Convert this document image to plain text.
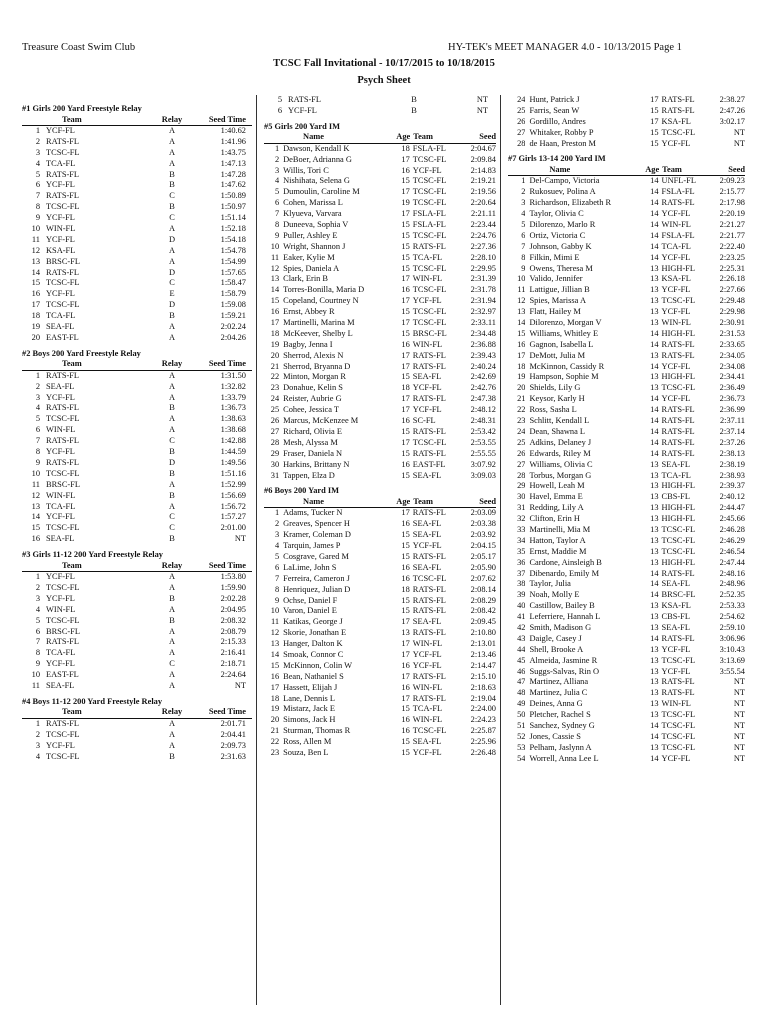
Treasure Coast Swim Club	HY-TEK's MEET MANAGER 4.0 - 10/13/2015 Page 1
TCSC Fall Invitational - 10/17/2015 to 10/18/2015
Psych Sheet
#1 Girls 200 Yard Freestyle Relay
Team	Relay	Seed Time
1 YCF-FL	A	1:40.62
2 RATS-FL	A	1:41.96
3 TCSC-FL	A	1:43.75
4 TCA-FL	A	1:47.13
5 RATS-FL	B	1:47.28
6 YCF-FL	B	1:47.62
7 RATS-FL	C	1:50.89
8 TCSC-FL	B	1:50.97
9 YCF-FL	C	1:51.14
10 WIN-FL	A	1:52.18
11 YCF-FL	D	1:54.18
12 KSA-FL	A	1:54.78
13 BRSC-FL	A	1:54.99
14 RATS-FL	D	1:57.65
15 TCSC-FL	C	1:58.47
16 YCF-FL	E	1:58.79
17 TCSC-FL	D	1:59.08
18 TCA-FL	B	1:59.21
19 SEA-FL	A	2:02.24
20 EAST-FL	A	2:04.26
#2 Boys 200 Yard Freestyle Relay
Team	Relay	Seed Time
1 RATS-FL	A	1:31.50
2 SEA-FL	A	1:32.82
3 YCF-FL	A	1:33.79
4 RATS-FL	B	1:36.73
5 TCSC-FL	A	1:38.63
6 WIN-FL	A	1:38.68
7 RATS-FL	C	1:42.88
8 YCF-FL	B	1:44.59
9 RATS-FL	D	1:49.56
10 TCSC-FL	B	1:51.16
11 BRSC-FL	A	1:52.99
12 WIN-FL	B	1:56.69
13 TCA-FL	A	1:56.72
14 YCF-FL	C	1:57.27
15 TCSC-FL	C	2:01.00
16 SEA-FL	B	NT
#3 Girls 11-12 200 Yard Freestyle Relay
Team	Relay	Seed Time
1 YCF-FL	A	1:53.80
2 TCSC-FL	A	1:59.90
3 YCF-FL	B	2:02.28
4 WIN-FL	A	2:04.95
5 TCSC-FL	B	2:08.32
6 BRSC-FL	A	2:08.79
7 RATS-FL	A	2:15.33
8 TCA-FL	A	2:16.41
9 YCF-FL	C	2:18.71
10 EAST-FL	A	2:24.64
11 SEA-FL	A	NT
#4 Boys 11-12 200 Yard Freestyle Relay
Team	Relay	Seed Time
1 RATS-FL	A	2:01.71
2 TCSC-FL	A	2:04.41
3 YCF-FL	A	2:09.73
4 TCSC-FL	B	2:31.63
5 RATS-FL	B	NT
6 YCF-FL	B	NT
#5 Girls 200 Yard IM
Name	Age Team	Seed
1 Dawson, Kendall K	18 FSLA-FL	2:04.67
2 DeBoer, Adrianna G	17 TCSC-FL	2:09.84
3 Willis, Tori C	16 YCF-FL	2:14.83
4 Nishihata, Selena G	15 TCSC-FL	2:19.21
5 Dumoulin, Caroline M	17 TCSC-FL	2:19.56
6 Cohen, Marissa L	19 TCSC-FL	2:20.64
7 Klyueva, Varvara	17 FSLA-FL	2:21.11
8 Duneeva, Sophia V	15 FSLA-FL	2:23.44
9 Puller, Ashley E	15 TCSC-FL	2:24.76
10 Wright, Shannon J	15 RATS-FL	2:27.36
11 Eaker, Kylie M	15 TCA-FL	2:28.10
12 Spies, Daniela A	15 TCSC-FL	2:29.95
13 Clark, Erin B	17 WIN-FL	2:31.39
14 Torres-Bonilla, Maria D	16 TCSC-FL	2:31.78
15 Copeland, Courtney N	17 YCF-FL	2:31.94
16 Ernst, Abbey R	15 TCSC-FL	2:32.97
17 Martinelli, Marina M	17 TCSC-FL	2:33.11
18 McKeever, Shelby L	15 BRSC-FL	2:34.48
19 Bagby, Jenna I	16 WIN-FL	2:36.88
20 Sherrod, Alexis N	17 RATS-FL	2:39.43
21 Sherrod, Bryanna D	17 RATS-FL	2:40.24
22 Minton, Morgan R	15 SEA-FL	2:42.69
23 Donahue, Kelin S	18 YCF-FL	2:42.76
24 Reister, Aubrie G	17 RATS-FL	2:47.38
25 Cohee, Jessica T	17 YCF-FL	2:48.12
26 Marcus, McKenzee M	16 SC-FL	2:48.31
27 Richard, Olivia E	15 RATS-FL	2:53.42
28 Mesh, Alyssa M	17 TCSC-FL	2:53.55
29 Fraser, Daniela N	15 RATS-FL	2:55.55
30 Harkins, Brittany N	16 EAST-FL	3:07.92
31 Tappen, Elza D	15 SEA-FL	3:09.03
#6 Boys 200 Yard IM
Name	Age Team	Seed
1 Adams, Tucker N	17 RATS-FL	2:03.09
2 Greaves, Spencer H	16 SEA-FL	2:03.38
3 Kramer, Coleman D	15 SEA-FL	2:03.92
4 Tarquin, James P	15 YCF-FL	2:04.15
5 Cosgrave, Gared M	15 RATS-FL	2:05.17
6 LaLime, John S	16 SEA-FL	2:05.90
7 Ferreira, Cameron J	16 TCSC-FL	2:07.62
8 Henriquez, Julian D	18 RATS-FL	2:08.14
9 Ochse, Daniel F	15 RATS-FL	2:08.29
10 Varon, Daniel E	15 RATS-FL	2:08.42
11 Katikas, George J	17 SEA-FL	2:09.45
12 Skorie, Jonathan E	13 RATS-FL	2:10.80
13 Hanger, Dalton K	17 WIN-FL	2:13.01
14 Smoak, Connor C	17 YCF-FL	2:13.46
15 McKinnon, Colin W	16 YCF-FL	2:14.47
16 Bean, Nathaniel S	17 RATS-FL	2:15.10
17 Hassett, Elijah J	16 WIN-FL	2:18.63
18 Lane, Dennis L	17 RATS-FL	2:19.04
19 Mistarz, Jack E	15 TCA-FL	2:24.00
20 Simons, Jack H	16 WIN-FL	2:24.23
21 Sturman, Thomas R	16 TCSC-FL	2:25.87
22 Ross, Allen M	15 SEA-FL	2:25.96
23 Souza, Ben L	15 YCF-FL	2:26.48
24 Hunt, Patrick J	17 RATS-FL	2:38.27
25 Farris, Sean W	15 RATS-FL	2:47.26
26 Gordillo, Andres	17 KSA-FL	3:02.17
27 Whitaker, Robby P	15 TCSC-FL	NT
28 de Haan, Preston M	15 YCF-FL	NT
#7 Girls 13-14 200 Yard IM
Name	Age Team	Seed
1 Del-Campo, Victoria	14 UNFL-FL	2:09.23
2 Rukosuev, Polina A	14 FSLA-FL	2:15.77
3 Richardson, Elizabeth R	14 RATS-FL	2:17.98
4 Taylor, Olivia C	14 YCF-FL	2:20.19
5 Dilorenzo, Marlo R	14 WIN-FL	2:21.27
6 Ortiz, Victoria C	14 FSLA-FL	2:21.77
7 Johnson, Gabby K	14 TCA-FL	2:22.40
8 Filkin, Mimi E	14 YCF-FL	2:23.25
9 Owens, Theresa M	13 HIGH-FL	2:25.31
10 Valido, Jennifer	13 KSA-FL	2:26.18
11 Lattigue, Jillian B	13 YCF-FL	2:27.66
12 Spies, Marissa A	13 TCSC-FL	2:29.48
13 Flatt, Hailey M	13 YCF-FL	2:29.98
14 Dilorenzo, Morgan V	13 WIN-FL	2:30.91
15 Williams, Whitley E	14 HIGH-FL	2:31.53
16 Gagnon, Isabella L	14 RATS-FL	2:33.65
17 DeMott, Julia M	13 RATS-FL	2:34.05
18 McKinnon, Cassidy R	14 YCF-FL	2:34.08
19 Hampson, Sophie M	13 HIGH-FL	2:34.41
20 Shields, Lily G	13 TCSC-FL	2:36.49
21 Keysor, Karly H	14 YCF-FL	2:36.73
22 Ross, Sasha L	14 RATS-FL	2:36.99
23 Schlitt, Kendall L	14 RATS-FL	2:37.11
24 Dean, Shawna L	14 RATS-FL	2:37.14
25 Adkins, Delaney J	14 RATS-FL	2:37.26
26 Edwards, Riley M	14 RATS-FL	2:38.13
27 Williams, Olivia C	13 SEA-FL	2:38.19
28 Torbus, Morgan G	13 TCA-FL	2:38.93
29 Howell, Leah M	13 HIGH-FL	2:39.37
30 Havel, Emma E	13 CBS-FL	2:40.12
31 Redding, Lily A	13 HIGH-FL	2:44.47
32 Clifton, Erin H	13 HIGH-FL	2:45.66
33 Martinelli, Mia M	13 TCSC-FL	2:46.28
34 Hatton, Taylor A	13 TCSC-FL	2:46.29
35 Ernst, Maddie M	13 TCSC-FL	2:46.54
36 Cardone, Ainsleigh B	13 HIGH-FL	2:47.44
37 Dibenardo, Emily M	14 RATS-FL	2:48.16
38 Taylor, Julia	14 SEA-FL	2:48.96
39 Noah, Molly E	14 BRSC-FL	2:52.35
40 Castillow, Bailey B	13 KSA-FL	2:53.33
41 Leferriere, Hannah L	13 CBS-FL	2:54.62
42 Smith, Madison G	13 SEA-FL	2:59.10
43 Daigle, Casey J	14 RATS-FL	3:06.96
44 Shell, Brooke A	13 YCF-FL	3:10.43
45 Almeida, Jasmine R	13 TCSC-FL	3:13.69
46 Suggs-Salvas, Rin O	13 YCF-FL	3:55.54
47 Martinez, Alliana	13 RATS-FL	NT
48 Martinez, Julia C	13 RATS-FL	NT
49 Deines, Anna G	13 WIN-FL	NT
50 Pletcher, Rachel S	13 TCSC-FL	NT
51 Sanchez, Sydney G	14 TCSC-FL	NT
52 Jones, Cassie S	14 TCSC-FL	NT
53 Pelham, Jaslynn A	13 TCSC-FL	NT
54 Worrell, Anna Lee L	14 YCF-FL	NT
